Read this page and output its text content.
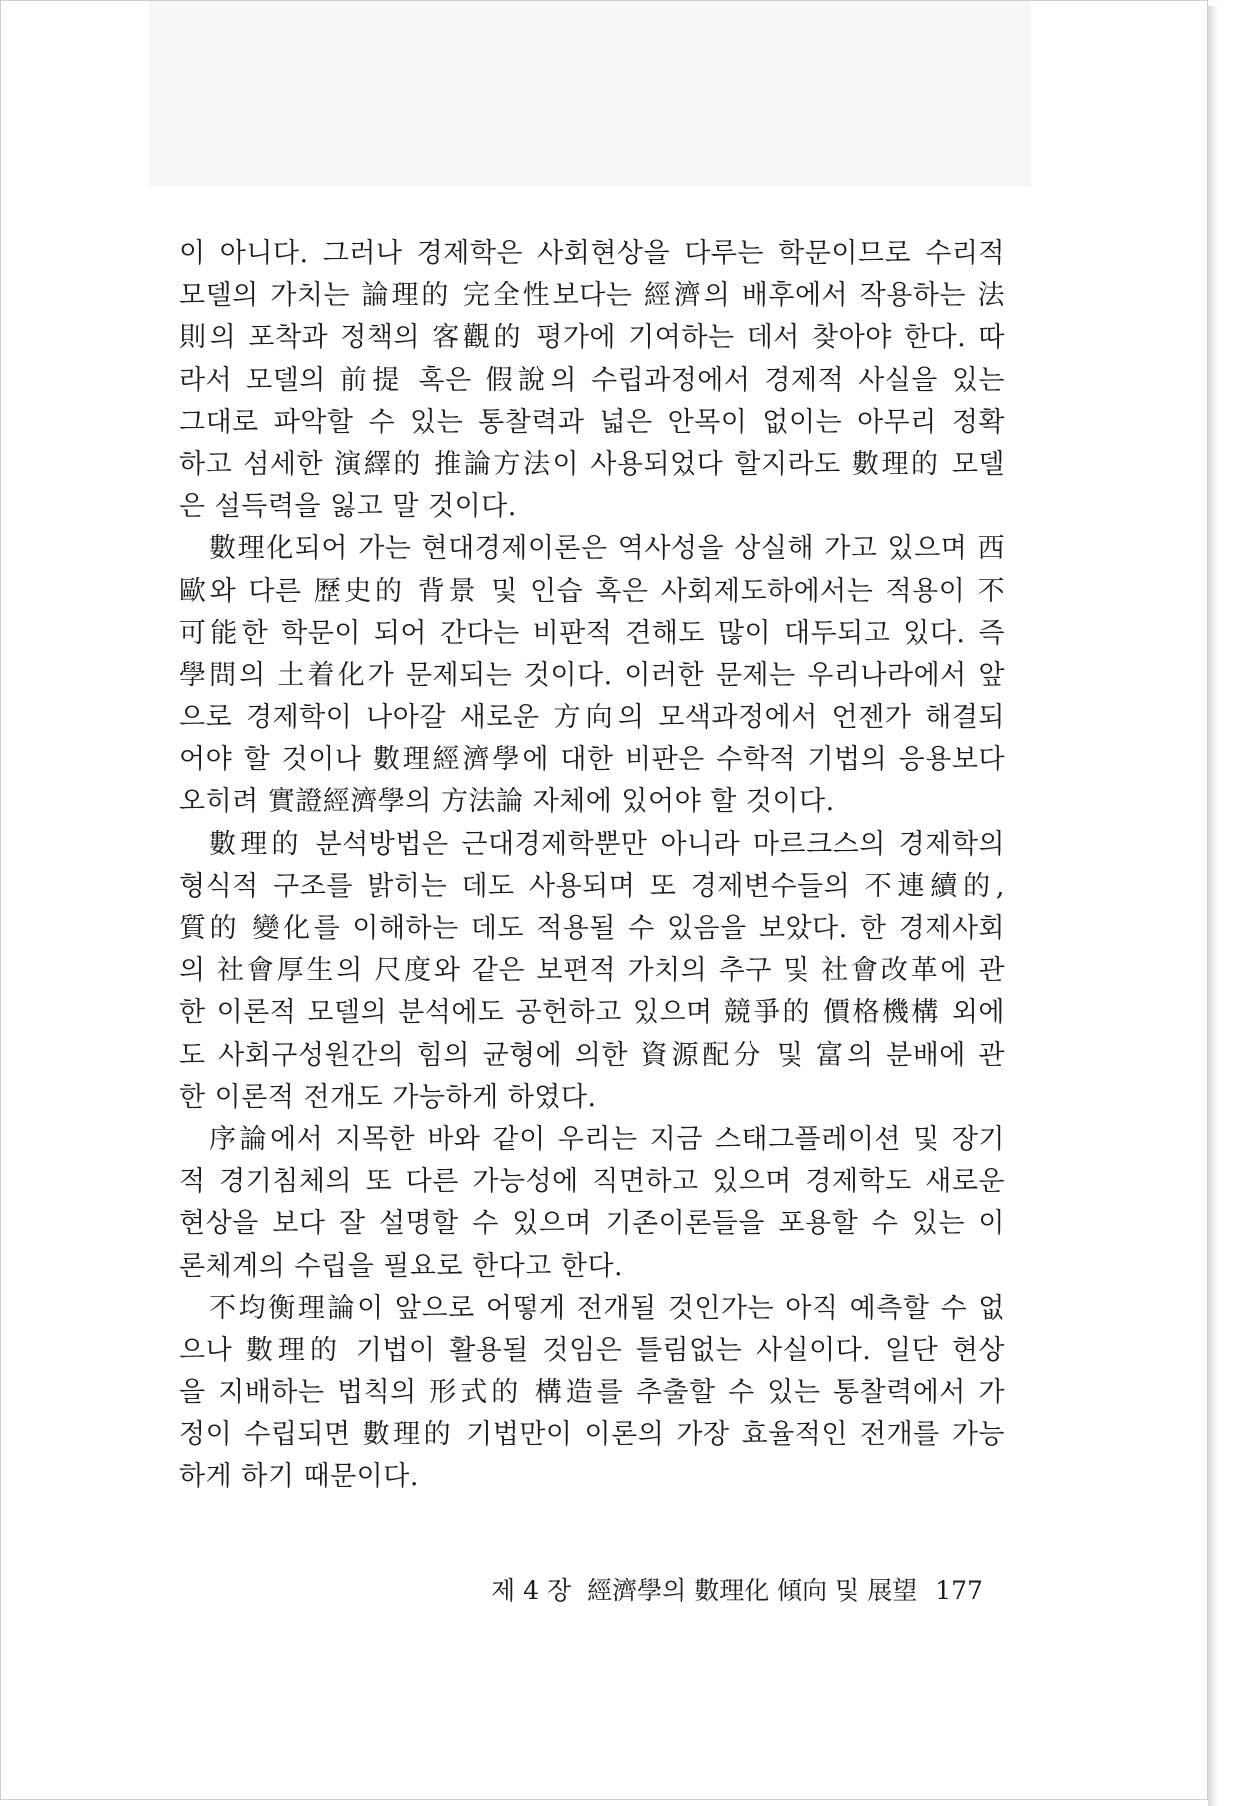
이 아니다. 그러나 경제학은 사회현상을 다루는 학문이므로 수리적
모델의 가치는 論理的 完全性보다는 經濟의 배후에서 작용하는 法
則의 포착과 정책의 客觀的 평가에 기여하는 데서 찾아야 한다. 따
라서 모델의 前提 혹은 假說의 수립과정에서 경제적 사실을 있는
그대로 파악할 수 있는 통찰력과 넓은 안목이 없이는 아무리 정확
하고 섬세한 演繹的 推論方法이 사용되었다 할지라도 數理的 모델
은 설득력을 잃고 말 것이다.
數理化되어 가는 현대경제이론은 역사성을 상실해 가고 있으며 西
歐와 다른 歷史的 背景 및 인습 혹은 사회제도하에서는 적용이 不
可能한 학문이 되어 간다는 비판적 견해도 많이 대두되고 있다. 즉
學問의 土着化가 문제되는 것이다. 이러한 문제는 우리나라에서 앞
으로 경제학이 나아갈 새로운 方向의 모색과정에서 언젠가 해결되
어야 할 것이나 數理經濟學에 대한 비판은 수학적 기법의 응용보다
오히려 實證經濟學의 方法論 자체에 있어야 할 것이다.
數理的 분석방법은 근대경제학뿐만 아니라 마르크스의 경제학의
형식적 구조를 밝히는 데도 사용되며 또 경제변수들의 不連續的,
質的 變化를 이해하는 데도 적용될 수 있음을 보았다. 한 경제사회
의 社會厚生의 尺度와 같은 보편적 가치의 추구 및 社會改革에 관
한 이론적 모델의 분석에도 공헌하고 있으며 競爭的 價格機構 외에
도 사회구성원간의 힘의 균형에 의한 資源配分 및 富의 분배에 관
한 이론적 전개도 가능하게 하였다.
序論에서 지목한 바와 같이 우리는 지금 스태그플레이션 및 장기
적 경기침체의 또 다른 가능성에 직면하고 있으며 경제학도 새로운
현상을 보다 잘 설명할 수 있으며 기존이론들을 포용할 수 있는 이
론체계의 수립을 필요로 한다고 한다.
不均衡理論이 앞으로 어떻게 전개될 것인가는 아직 예측할 수 없
으나 數理的 기법이 활용될 것임은 틀림없는 사실이다. 일단 현상
을 지배하는 법칙의 形式的 構造를 추출할 수 있는 통찰력에서 가
정이 수립되면 數理的 기법만이 이론의 가장 효율적인 전개를 가능
하게 하기 때문이다.
제 4 장 經濟學의 數理化 傾向 및 展望 177
